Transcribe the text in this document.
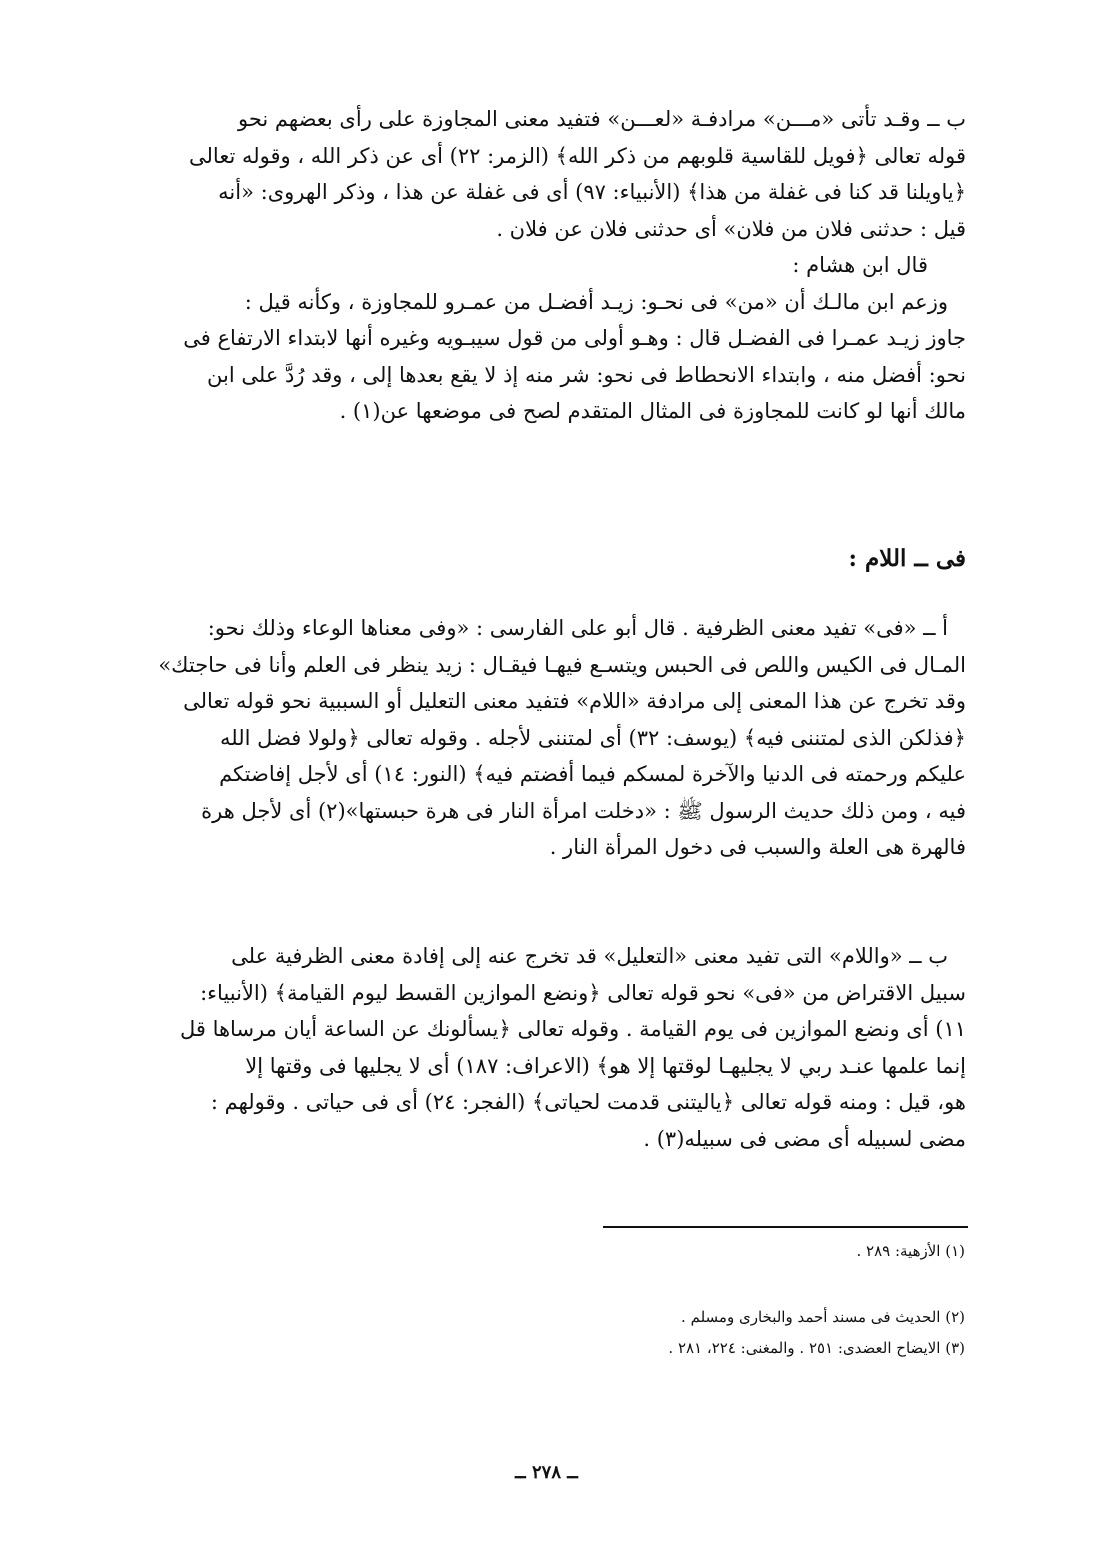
ب ــ وقـد تأتى «مـــن» مرادفـة «لعـــن» فتفيد معنى المجاوزة على رأى بعضهم نحو
قوله تعالى ﴿فويل للقاسية قلوبهم من ذكر الله﴾ (الزمر: ٢٢) أى عن ذكر الله ، وقوله تعالى
﴿ياويلنا قد كنا فى غفلة من هذا﴾ (الأنبياء: ٩٧) أى فى غفلة عن هذا ، وذكر الهروى: «أنه
قيل : حدثنى فلان من فلان» أى حدثنى فلان عن فلان .
قال ابن هشام :

وزعم ابن مالـك أن «من» فى نحـو: زيـد أفضـل من عمـرو للمجاوزة ، وكأنه قيل :
جاوز زيـد عمـرا فى الفضـل قال : وهـو أولى من قول سيبـويه وغيره أنها لابتداء الارتفاع فى
نحو: أفضل منه ، وابتداء الانحطاط فى نحو: شر منه إذ لا يقع بعدها إلى ، وقد رُدَّ على ابن
مالك أنها لو كانت للمجاوزة فى المثال المتقدم لصح فى موضعها عن(١) .

فى ــ اللام :

أ ــ «فى» تفيد معنى الظرفية . قال أبو على الفارسى : «وفى معناها الوعاء وذلك نحو:
المـال فى الكيس واللص فى الحبس ويتسـع فيهـا فيقـال : زيد ينظر فى العلم وأنا فى حاجتك»
وقد تخرج عن هذا المعنى إلى مرادفة «اللام» فتفيد معنى التعليل أو السببية نحو قوله تعالى
﴿فذلكن الذى لمتننى فيه﴾ (يوسف: ٣٢) أى لمتننى لأجله . وقوله تعالى ﴿ولولا فضل الله
عليكم ورحمته فى الدنيا والآخرة لمسكم فيما أفضتم فيه﴾ (النور: ١٤) أى لأجل إفاضتكم
فيه ، ومن ذلك حديث الرسول ﷺ : «دخلت امرأة النار فى هرة حبستها»(٢) أى لأجل هرة
فالهرة هى العلة والسبب فى دخول المرأة النار .

ب ــ «واللام» التى تفيد معنى «التعليل» قد تخرج عنه إلى إفادة معنى الظرفية على
سبيل الاقتراض من «فى» نحو قوله تعالى ﴿ونضع الموازين القسط ليوم القيامة﴾ (الأنبياء:
١١) أى ونضع الموازين فى يوم القيامة . وقوله تعالى ﴿يسألونك عن الساعة أيان مرساها قل
إنما علمها عنـد ربي لا يجليهـا لوقتها إلا هو﴾ (الاعراف: ١٨٧) أى لا يجليها فى وقتها إلا
هو، قيل : ومنه قوله تعالى ﴿ياليتنى قدمت لحياتى﴾ (الفجر: ٢٤) أى فى حياتى . وقولهم :
مضى لسبيله أى مضى فى سبيله(٣) .

(١) الأزهية: ٢٨٩ .
(٢) الحديث فى مسند أحمد والبخارى ومسلم .
(٣) الايضاح العضدى: ٢٥١ . والمغنى: ٢٢٤، ٢٨١ .
ــ ٢٧٨ ــ
